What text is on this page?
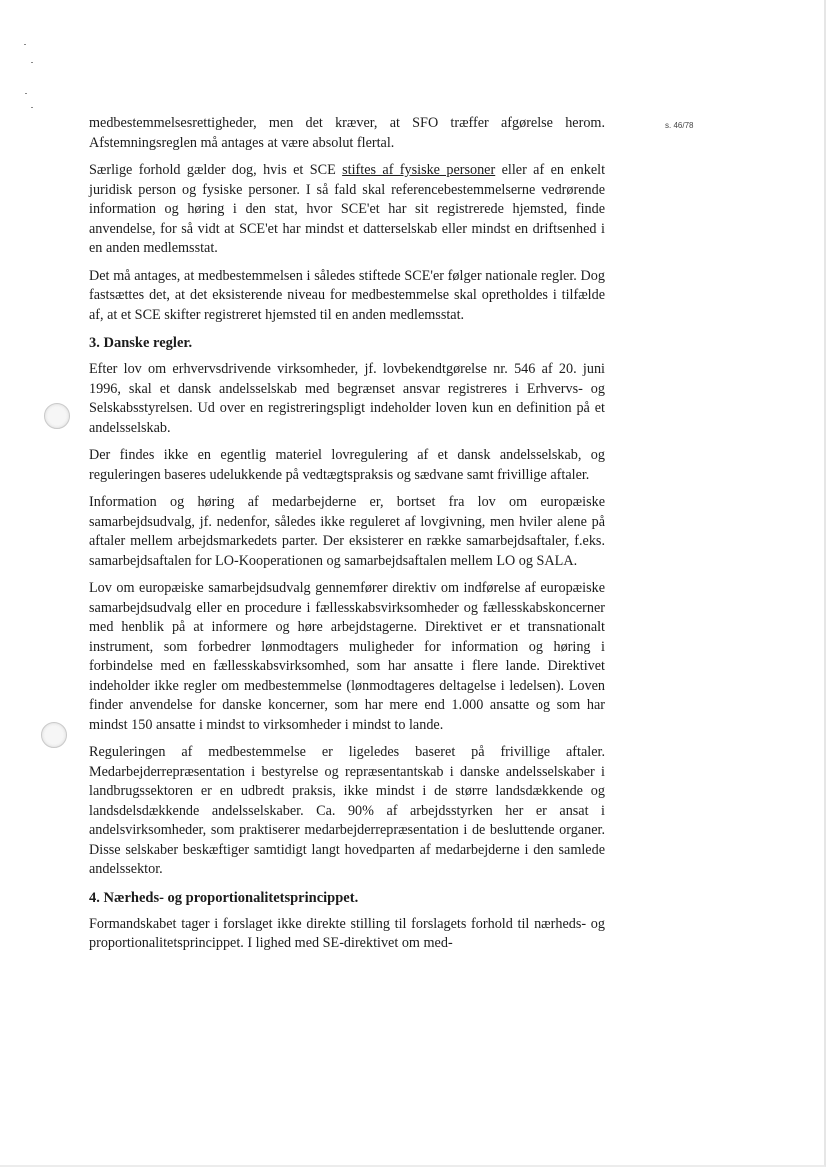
s. 46/78

medbestemmelsesrettigheder, men det kræver, at SFO træffer afgørelse herom. Afstemningsreglen må antages at være absolut flertal.

Særlige forhold gælder dog, hvis et SCE stiftes af fysiske personer eller af en enkelt juridisk person og fysiske personer. I så fald skal referencebestemmelserne vedrørende information og høring i den stat, hvor SCE'et har sit registrerede hjemsted, finde anvendelse, for så vidt at SCE'et har mindst et datterselskab eller mindst en driftsenhed i en anden medlemsstat.

Det må antages, at medbestemmelsen i således stiftede SCE'er følger nationale regler. Dog fastsættes det, at det eksisterende niveau for medbestemmelse skal opretholdes i tilfælde af, at et SCE skifter registreret hjemsted til en anden medlemsstat.

3. Danske regler.

Efter lov om erhvervsdrivende virksomheder, jf. lovbekendtgørelse nr. 546 af 20. juni 1996, skal et dansk andelsselskab med begrænset ansvar registreres i Erhvervs- og Selskabsstyrelsen. Ud over en registreringspligt indeholder loven kun en definition på et andelsselskab.

Der findes ikke en egentlig materiel lovregulering af et dansk andelsselskab, og reguleringen baseres udelukkende på vedtægtspraksis og sædvane samt frivillige aftaler.

Information og høring af medarbejderne er, bortset fra lov om europæiske samarbejdsudvalg, jf. nedenfor, således ikke reguleret af lovgivning, men hviler alene på aftaler mellem arbejdsmarkedets parter. Der eksisterer en række samarbejdsaftaler, f.eks. samarbejdsaftalen for LO-Kooperationen og samarbejdsaftalen mellem LO og SALA.

Lov om europæiske samarbejdsudvalg gennemfører direktiv om indførelse af europæiske samarbejdsudvalg eller en procedure i fællesskabsvirksomheder og fællesskabskoncerner med henblik på at informere og høre arbejdstagerne. Direktivet er et transnationalt instrument, som forbedrer lønmodtagers muligheder for information og høring i forbindelse med en fællesskabsvirksomhed, som har ansatte i flere lande. Direktivet indeholder ikke regler om medbestemmelse (lønmodtageres deltagelse i ledelsen). Loven finder anvendelse for danske koncerner, som har mere end 1.000 ansatte og som har mindst 150 ansatte i mindst to virksomheder i mindst to lande.

Reguleringen af medbestemmelse er ligeledes baseret på frivillige aftaler. Medarbejderrepræsentation i bestyrelse og repræsentantskab i danske andelsselskaber i landbrugssektoren er en udbredt praksis, ikke mindst i de større landsdækkende og landsdelsdækkende andelsselskaber. Ca. 90% af arbejdsstyrken her er ansat i andelsvirksomheder, som praktiserer medarbejderrepræsentation i de besluttende organer. Disse selskaber beskæftiger samtidigt langt hovedparten af medarbejderne i den samlede andelssektor.

4. Nærheds- og proportionalitetsprincippet.

Formandskabet tager i forslaget ikke direkte stilling til forslagets forhold til nærheds- og proportionalitetsprincippet. I lighed med SE-direktivet om med-
